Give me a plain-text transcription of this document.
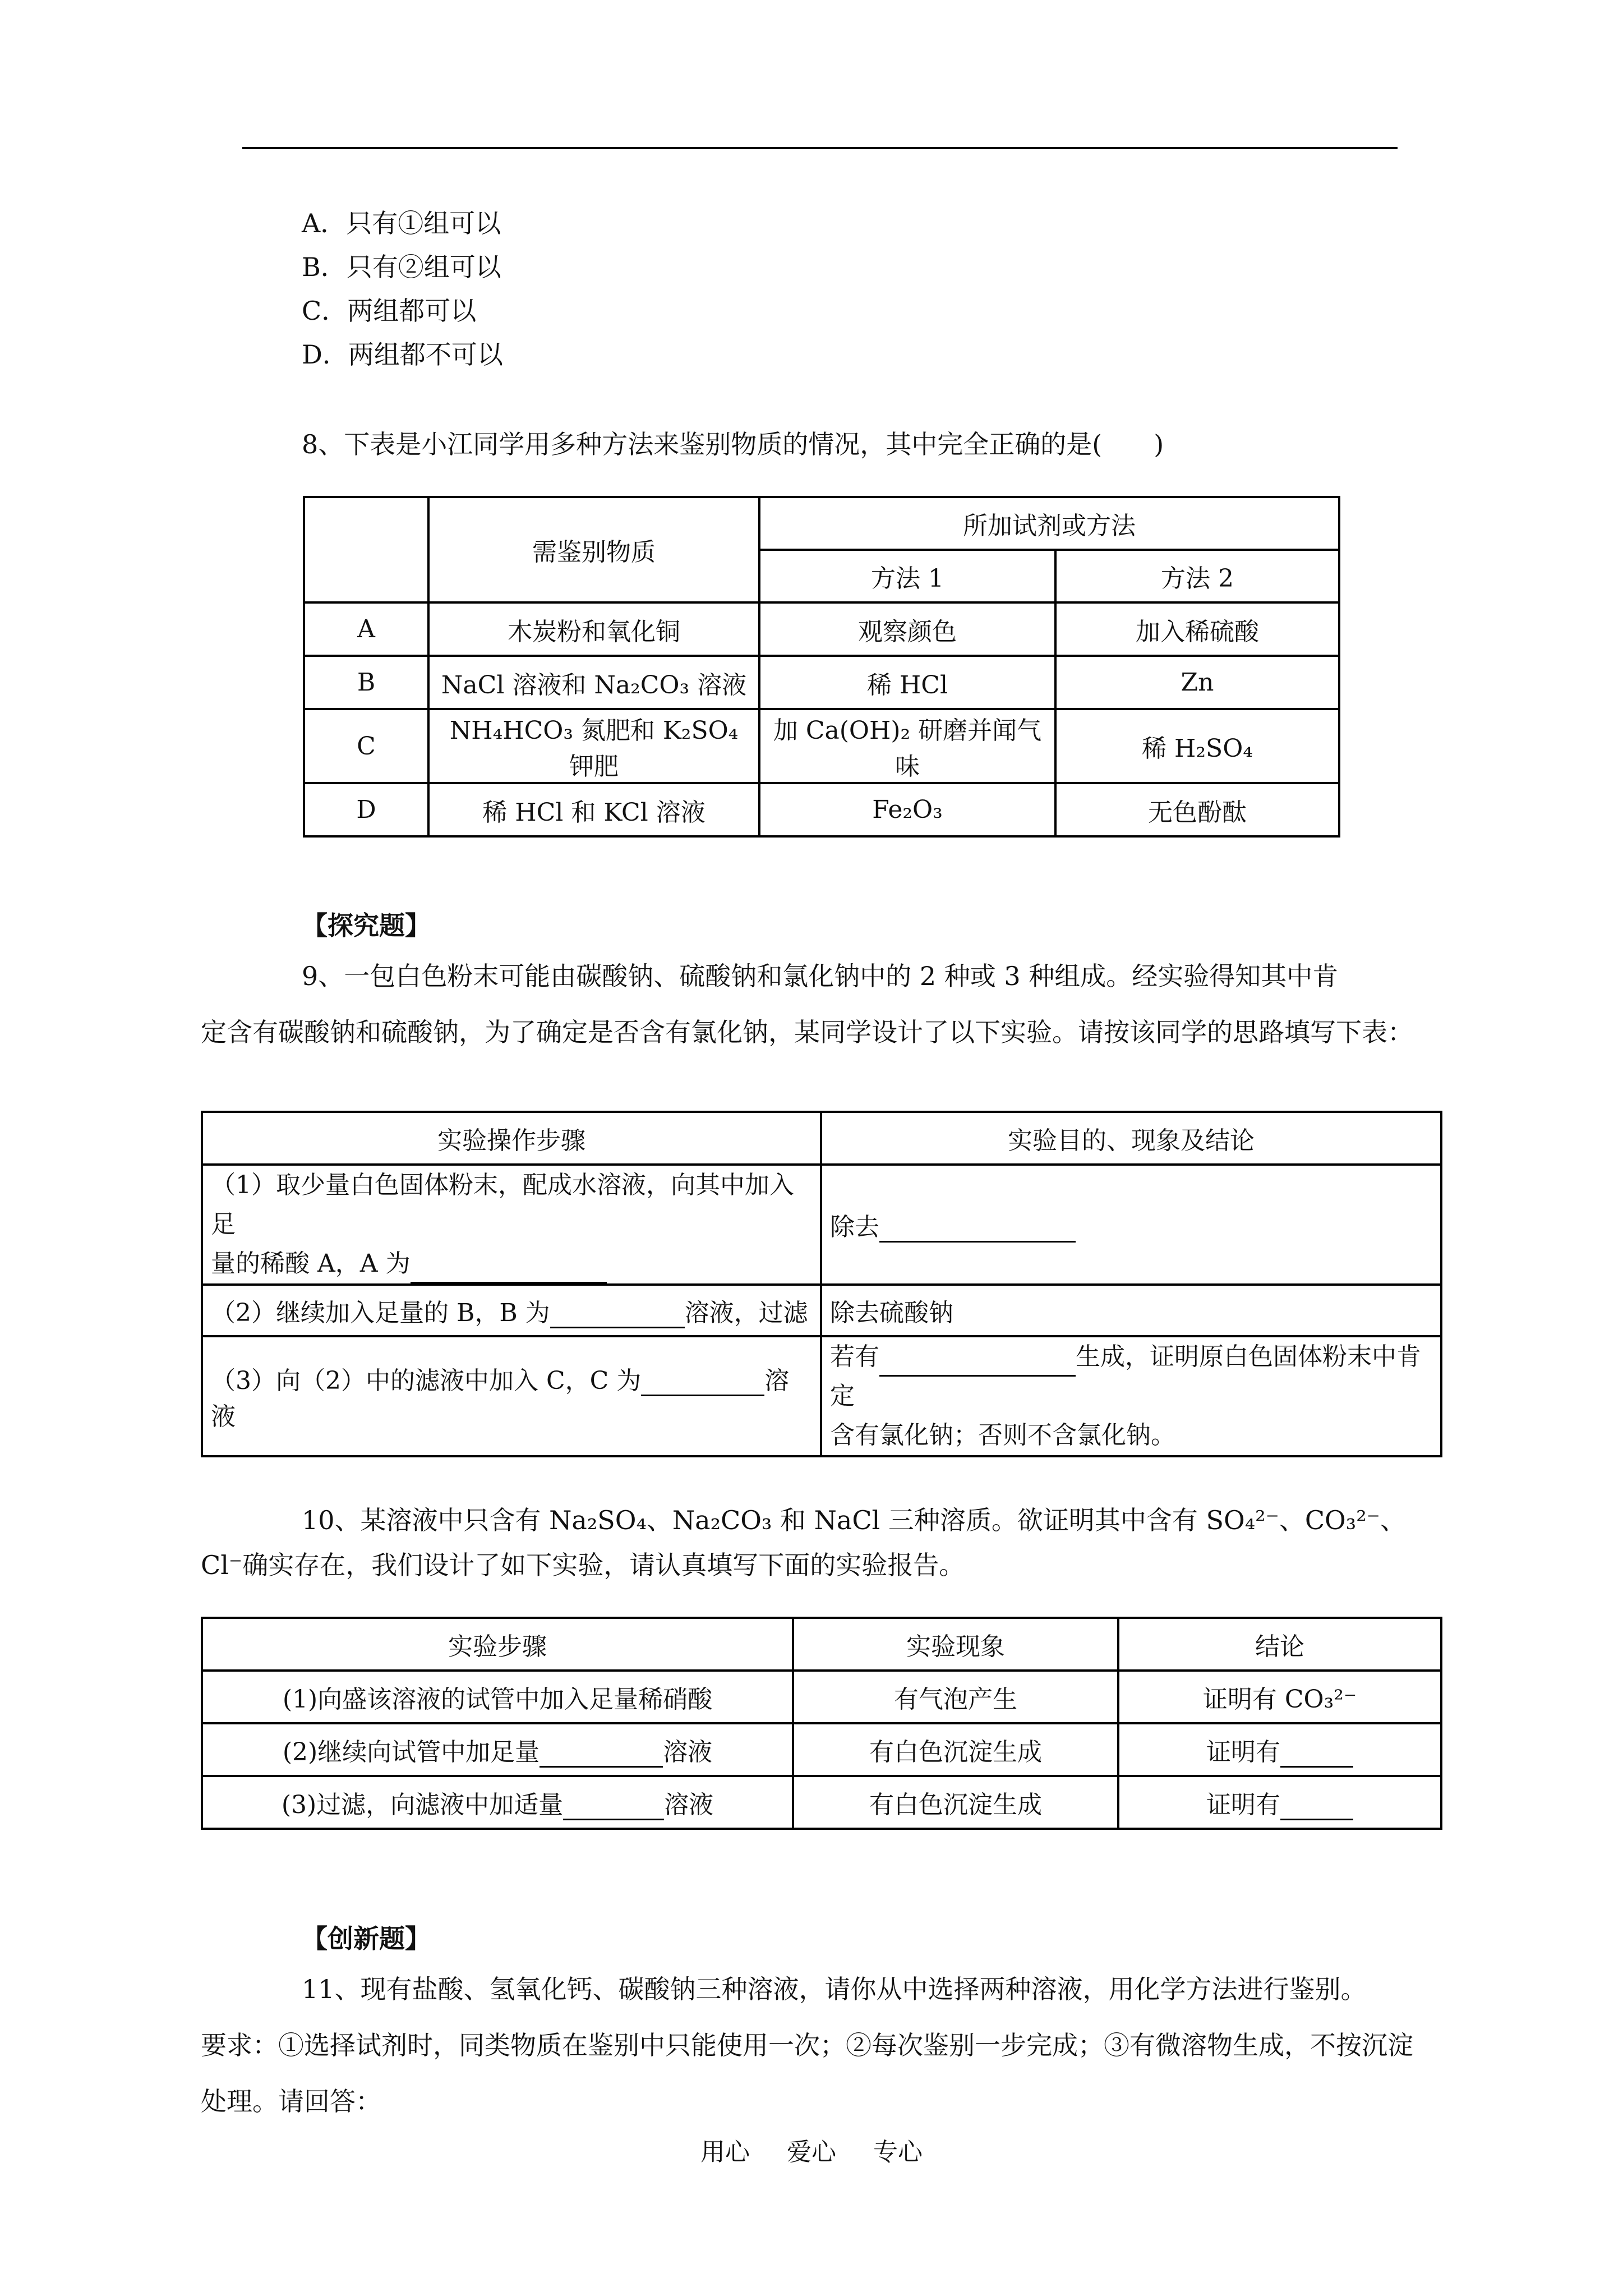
A．只有①组可以
B．只有②组可以
C．两组都可以
D．两组都不可以
8、下表是小江同学用多种方法来鉴别物质的情况，其中完全正确的是(　　)
	需鉴别物质	所加试剂或方法	
		方法 1	方法 2
A	木炭粉和氧化铜	观察颜色	加入稀硫酸
B	NaCl 溶液和 Na₂CO₃ 溶液	稀 HCl	Zn
C	NH₄HCO₃ 氮肥和 K₂SO₄ 钾肥	加 Ca(OH)₂ 研磨并闻气味	稀 H₂SO₄
D	稀 HCl 和 KCl 溶液	Fe₂O₃	无色酚酞
【探究题】
9、一包白色粉末可能由碳酸钠、硫酸钠和氯化钠中的 2 种或 3 种组成。经实验得知其中肯
定含有碳酸钠和硫酸钠，为了确定是否含有氯化钠，某同学设计了以下实验。请按该同学的思路填写下表：
实验操作步骤	实验目的、现象及结论

（1）取少量白色固体粉末，配成水溶液，向其中加入足
量的稀酸 A，A 为	除去
（2）继续加入足量的 B，B 为 溶液，过滤	除去硫酸钠
（3）向（2）中的滤液中加入 C，C 为 溶液	若有 生成，证明原白色固体粉末中肯定
含有氯化钠；否则不含氯化钠。
10、某溶液中只含有 Na₂SO₄、Na₂CO₃ 和 NaCl 三种溶质。欲证明其中含有 SO₄²⁻、CO₃²⁻、
Cl⁻确实存在，我们设计了如下实验，请认真填写下面的实验报告。
实验步骤	实验现象	结论
(1)向盛该溶液的试管中加入足量稀硝酸	有气泡产生	证明有 CO₃²⁻
(2)继续向试管中加足量 溶液	有白色沉淀生成	证明有
(3)过滤，向滤液中加适量 溶液	有白色沉淀生成	证明有
【创新题】
11、现有盐酸、氢氧化钙、碳酸钠三种溶液，请你从中选择两种溶液，用化学方法进行鉴别。
要求：①选择试剂时，同类物质在鉴别中只能使用一次；②每次鉴别一步完成；③有微溶物生成，不按沉淀处理。请回答：
用心 爱心 专心
